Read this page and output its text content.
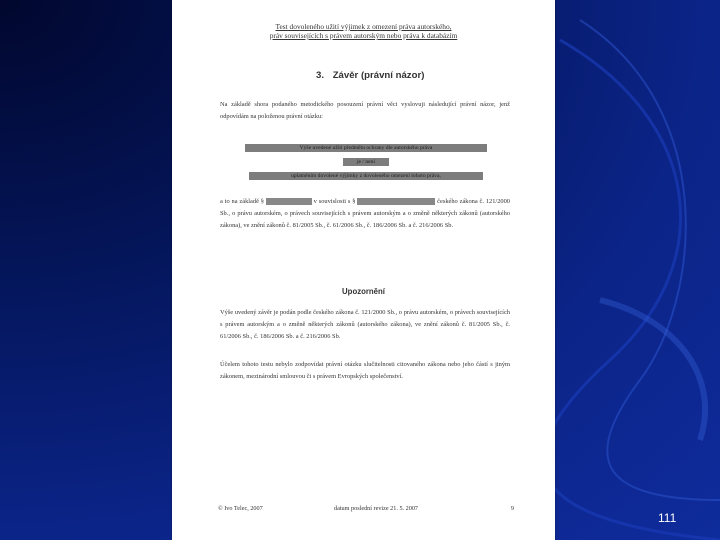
Test dovoleného užití výjimek z omezení práva autorského,
práv souvisejících s právem autorským nebo práva k databázím
3. Závěr (právní názor)
Na základě shora podaného metodického posouzení právní věci vyslovuji následující právní názor, jenž odpovídám na položenou právní otázku:
Výše uvedené užití předmětu ochrany dle autorského práva
je / není
uplatněním dovolené výjimky z dovoleného omezení tohoto práva,
a to na základě §	v souvislosti s §	českého zákona č. 121/2000 Sb., o právu autorském, o právech souvisejících s právem autorským a o změně některých zákonů (autorského zákona), ve znění zákonů č. 81/2005 Sb., č. 61/2006 Sb., č. 186/2006 Sb. a č. 216/2006 Sb.
Upozornění
Výše uvedený závěr je podán podle českého zákona č. 121/2000 Sb., o právu autorském, o právech souvisejících s právem autorským a o změně některých zákonů (autorského zákona), ve znění zákonů č. 81/2005 Sb., č. 61/2006 Sb., č. 186/2006 Sb. a č. 216/2006 Sb.
Účelem tohoto testu nebylo zodpovídat právní otázku slučitelnosti citovaného zákona nebo jeho částí s jiným zákonem, mezinárodní smlouvou či s právem Evropských společenství.
© Ivo Telec, 2007	datum poslední revize 21. 5. 2007	9
111
